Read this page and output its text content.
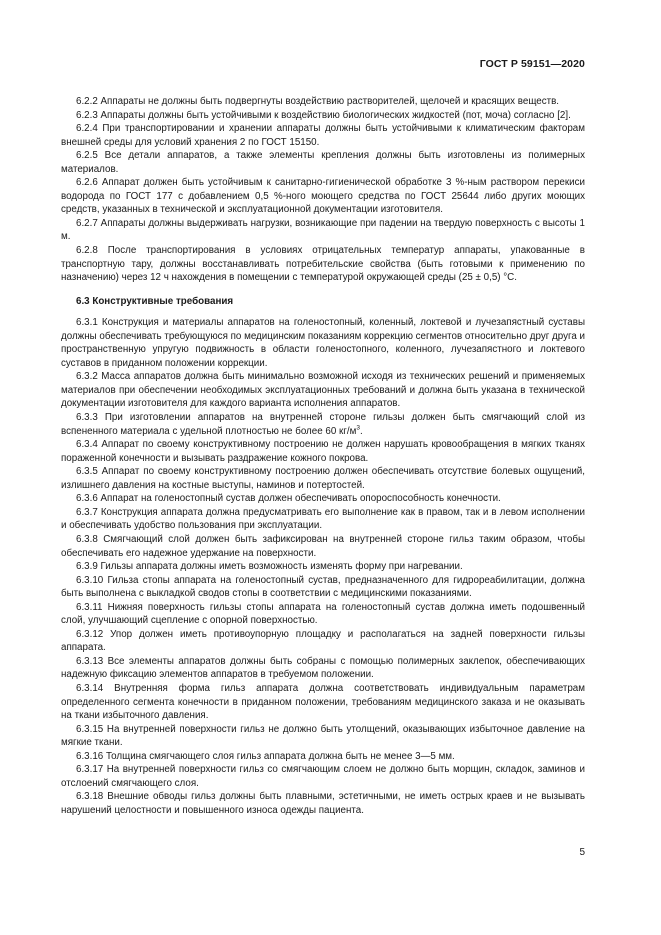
ГОСТ Р 59151—2020

6.2.2 Аппараты не должны быть подвергнуты воздействию растворителей, щелочей и красящих веществ.

6.2.3 Аппараты должны быть устойчивыми к воздействию биологических жидкостей (пот, моча) согласно [2].

6.2.4 При транспортировании и хранении аппараты должны быть устойчивыми к климатическим факторам внешней среды для условий хранения 2 по ГОСТ 15150.

6.2.5 Все детали аппаратов, а также элементы крепления должны быть изготовлены из полимерных материалов.

6.2.6 Аппарат должен быть устойчивым к санитарно-гигиенической обработке 3 %-ным раствором перекиси водорода по ГОСТ 177 с добавлением 0,5 %-ного моющего средства по ГОСТ 25644 либо других моющих средств, указанных в технической и эксплуатационной документации изготовителя.

6.2.7 Аппараты должны выдерживать нагрузки, возникающие при падении на твердую поверхность с высоты 1 м.

6.2.8 После транспортирования в условиях отрицательных температур аппараты, упакованные в транспортную тару, должны восстанавливать потребительские свойства (быть готовыми к применению по назначению) через 12 ч нахождения в помещении с температурой окружающей среды (25 ± 0,5) °С.

6.3 Конструктивные требования

6.3.1 Конструкция и материалы аппаратов на голеностопный, коленный, локтевой и лучезапястный суставы должны обеспечивать требующуюся по медицинским показаниям коррекцию сегментов относительно друг друга и пространственную упругую подвижность в области голеностопного, коленного, лучезапястного и локтевого суставов в приданном положении коррекции.

6.3.2 Масса аппаратов должна быть минимально возможной исходя из технических решений и применяемых материалов при обеспечении необходимых эксплуатационных требований и должна быть указана в технической документации изготовителя для каждого варианта исполнения аппаратов.

6.3.3 При изготовлении аппаратов на внутренней стороне гильзы должен быть смягчающий слой из вспененного материала с удельной плотностью не более 60 $кг/м^3$.

6.3.4 Аппарат по своему конструктивному построению не должен нарушать кровообращения в мягких тканях пораженной конечности и вызывать раздражение кожного покрова.

6.3.5 Аппарат по своему конструктивному построению должен обеспечивать отсутствие болевых ощущений, излишнего давления на костные выступы, наминов и потертостей.

6.3.6 Аппарат на голеностопный сустав должен обеспечивать опороспособность конечности.

6.3.7 Конструкция аппарата должна предусматривать его выполнение как в правом, так и в левом исполнении и обеспечивать удобство пользования при эксплуатации.

6.3.8 Смягчающий слой должен быть зафиксирован на внутренней стороне гильз таким образом, чтобы обеспечивать его надежное удержание на поверхности.

6.3.9 Гильзы аппарата должны иметь возможность изменять форму при нагревании.

6.3.10 Гильза стопы аппарата на голеностопный сустав, предназначенного для гидрореабилитации, должна быть выполнена с выкладкой сводов стопы в соответствии с медицинскими показаниями.

6.3.11 Нижняя поверхность гильзы стопы аппарата на голеностопный сустав должна иметь подошвенный слой, улучшающий сцепление с опорной поверхностью.

6.3.12 Упор должен иметь противоупорную площадку и располагаться на задней поверхности гильзы аппарата.

6.3.13 Все элементы аппаратов должны быть собраны с помощью полимерных заклепок, обеспечивающих надежную фиксацию элементов аппаратов в требуемом положении.

6.3.14 Внутренняя форма гильз аппарата должна соответствовать индивидуальным параметрам определенного сегмента конечности в приданном положении, требованиям медицинского заказа и не оказывать на ткани избыточного давления.

6.3.15 На внутренней поверхности гильз не должно быть утолщений, оказывающих избыточное давление на мягкие ткани.

6.3.16 Толщина смягчающего слоя гильз аппарата должна быть не менее 3—5 мм.

6.3.17 На внутренней поверхности гильз со смягчающим слоем не должно быть морщин, складок, заминов и отслоений смягчающего слоя.

6.3.18 Внешние обводы гильз должны быть плавными, эстетичными, не иметь острых краев и не вызывать нарушений целостности и повышенного износа одежды пациента.

5
